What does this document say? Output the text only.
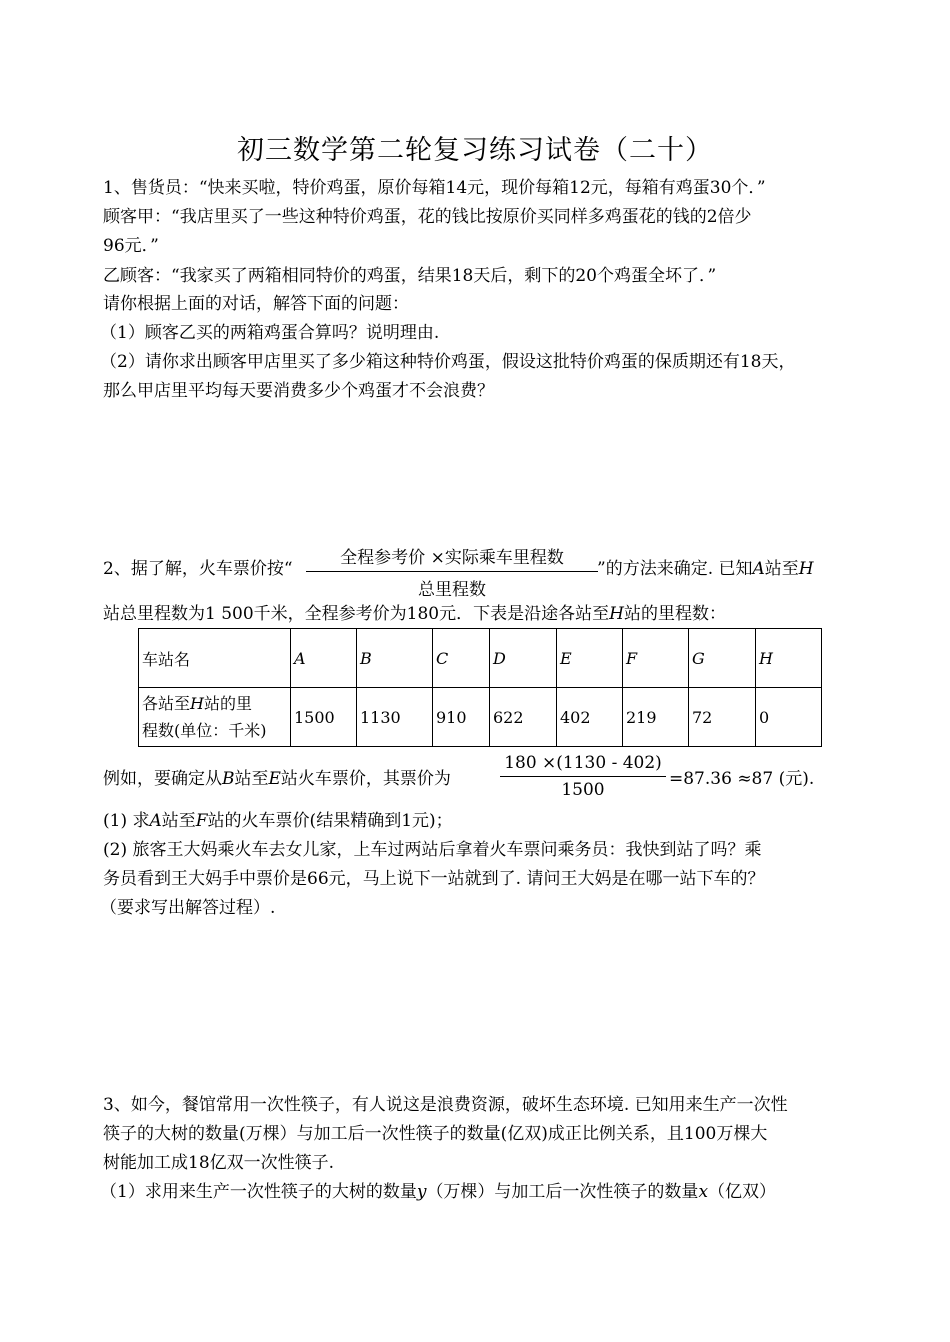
初三数学第二轮复习练习试卷（二十）
1、售货员：“快来买啦，特价鸡蛋，原价每箱14元，现价每箱12元，每箱有鸡蛋30个．”
顾客甲：“我店里买了一些这种特价鸡蛋，花的钱比按原价买同样多鸡蛋花的钱的2倍少
96元．”
乙顾客：“我家买了两箱相同特价的鸡蛋，结果18天后，剩下的20个鸡蛋全坏了．”
请你根据上面的对话，解答下面的问题：
（1）顾客乙买的两箱鸡蛋合算吗？说明理由.
（2）请你求出顾客甲店里买了多少箱这种特价鸡蛋，假设这批特价鸡蛋的保质期还有18天，
那么甲店里平均每天要消费多少个鸡蛋才不会浪费？
2、据了解，火车票价按“
全程参考价 ×实际乘车里程数
总里程数
”的方法来确定. 已知A站至H
站总里程数为1 500千米，全程参考价为180元．下表是沿途各站至H站的里程数：
车站名	A	B	C	D	E	F	G	H
各站至H站的里
程数(单位：千米)	1500	1130	910	622	402	219	72	0
例如，要确定从B站至E站火车票价，其票价为
180 ×(1130 - 402)
1500
=87.36 ≈87 (元).
(1) 求A站至F站的火车票价(结果精确到1元)；
(2) 旅客王大妈乘火车去女儿家，上车过两站后拿着火车票问乘务员：我快到站了吗？乘
务员看到王大妈手中票价是66元，马上说下一站就到了. 请问王大妈是在哪一站下车的？
（要求写出解答过程）.
3、如今，餐馆常用一次性筷子，有人说这是浪费资源，破坏生态环境. 已知用来生产一次性
筷子的大树的数量(万棵）与加工后一次性筷子的数量(亿双)成正比例关系，且100万棵大
树能加工成18亿双一次性筷子.
（1）求用来生产一次性筷子的大树的数量y（万棵）与加工后一次性筷子的数量x（亿双）
